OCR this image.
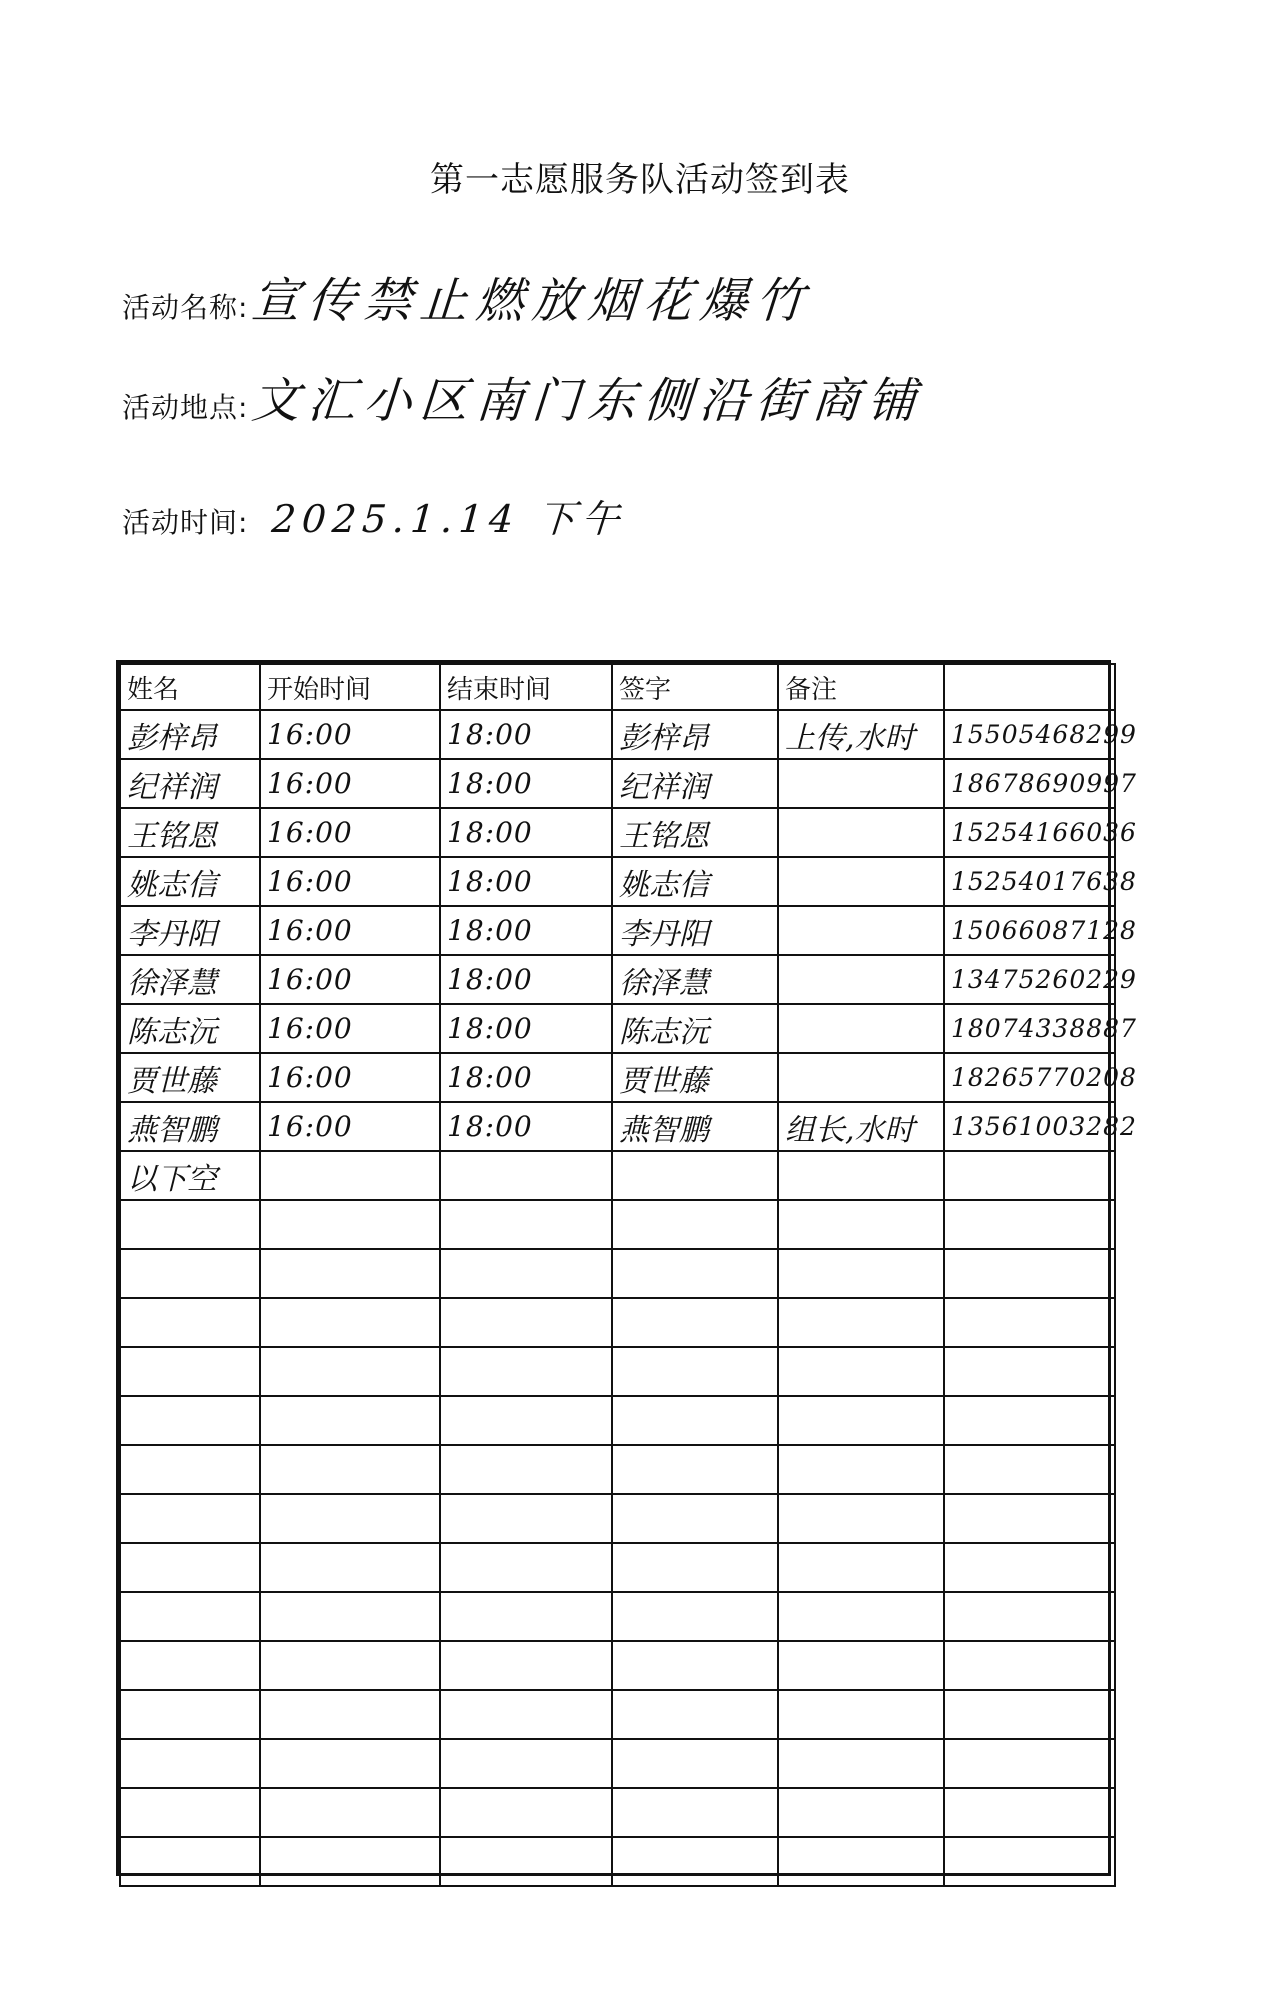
第一志愿服务队活动签到表
活动名称: 宣传禁止燃放烟花爆竹
活动地点: 文汇小区南门东侧沿街商铺
活动时间: 2025.1.14 下午
姓名	开始时间	结束时间	签字	备注	
彭梓昂	16:00	18:00	彭梓昂	上传,水时	15505468299
纪祥润	16:00	18:00	纪祥润		18678690997
王铭恩	16:00	18:00	王铭恩		15254166036
姚志信	16:00	18:00	姚志信		15254017638
李丹阳	16:00	18:00	李丹阳		15066087128
徐泽慧	16:00	18:00	徐泽慧		13475260229
陈志沅	16:00	18:00	陈志沅		18074338887
贾世藤	16:00	18:00	贾世藤		18265770208
燕智鹏	16:00	18:00	燕智鹏	组长,水时	13561003282
以下空					
